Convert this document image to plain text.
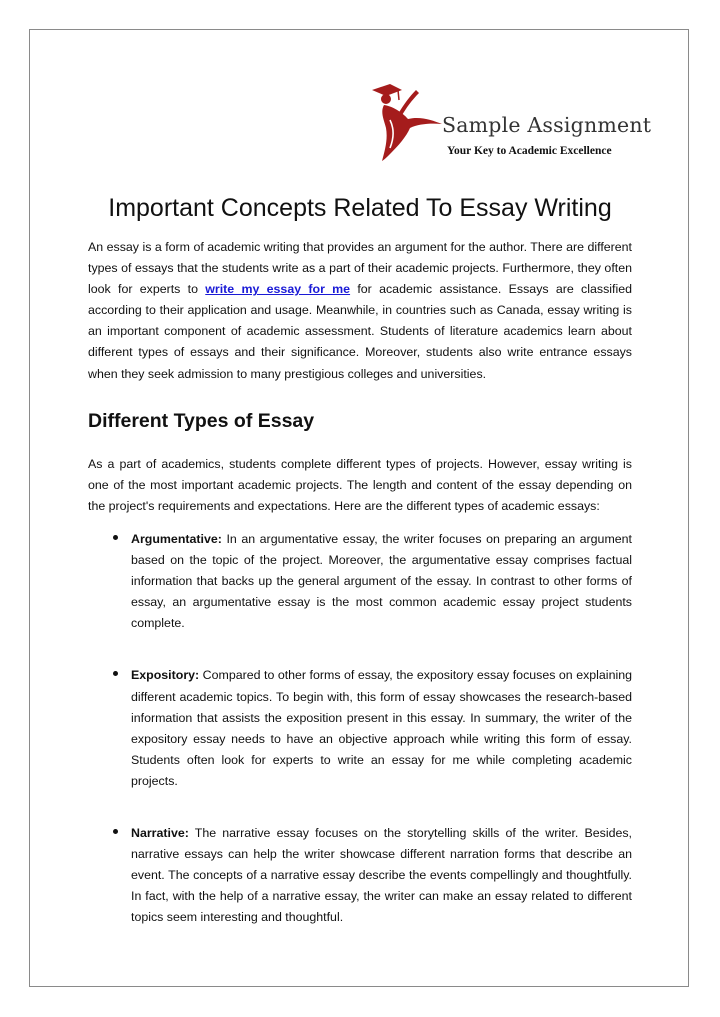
Sample Assignment
Your Key to Academic Excellence
Important Concepts Related To Essay Writing

An essay is a form of academic writing that provides an argument for the author. There are different types of essays that the students write as a part of their academic projects. Furthermore, they often look for experts to write my essay for me for academic assistance. Essays are classified according to their application and usage. Meanwhile, in countries such as Canada, essay writing is an important component of academic assessment. Students of literature academics learn about different types of essays and their significance. Moreover, students also write entrance essays when they seek admission to many prestigious colleges and universities.

Different Types of Essay

As a part of academics, students complete different types of projects. However, essay writing is one of the most important academic projects. The length and content of the essay depending on the project's requirements and expectations. Here are the different types of academic essays:

Argumentative: In an argumentative essay, the writer focuses on preparing an argument based on the topic of the project. Moreover, the argumentative essay comprises factual information that backs up the general argument of the essay. In contrast to other forms of essay, an argumentative essay is the most common academic essay project students complete.

Expository: Compared to other forms of essay, the expository essay focuses on explaining different academic topics. To begin with, this form of essay showcases the research-based information that assists the exposition present in this essay. In summary, the writer of the expository essay needs to have an objective approach while writing this form of essay. Students often look for experts to write an essay for me while completing academic projects.

Narrative: The narrative essay focuses on the storytelling skills of the writer. Besides, narrative essays can help the writer showcase different narration forms that describe an event. The concepts of a narrative essay describe the events compellingly and thoughtfully. In fact, with the help of a narrative essay, the writer can make an essay related to different topics seem interesting and thoughtful.
